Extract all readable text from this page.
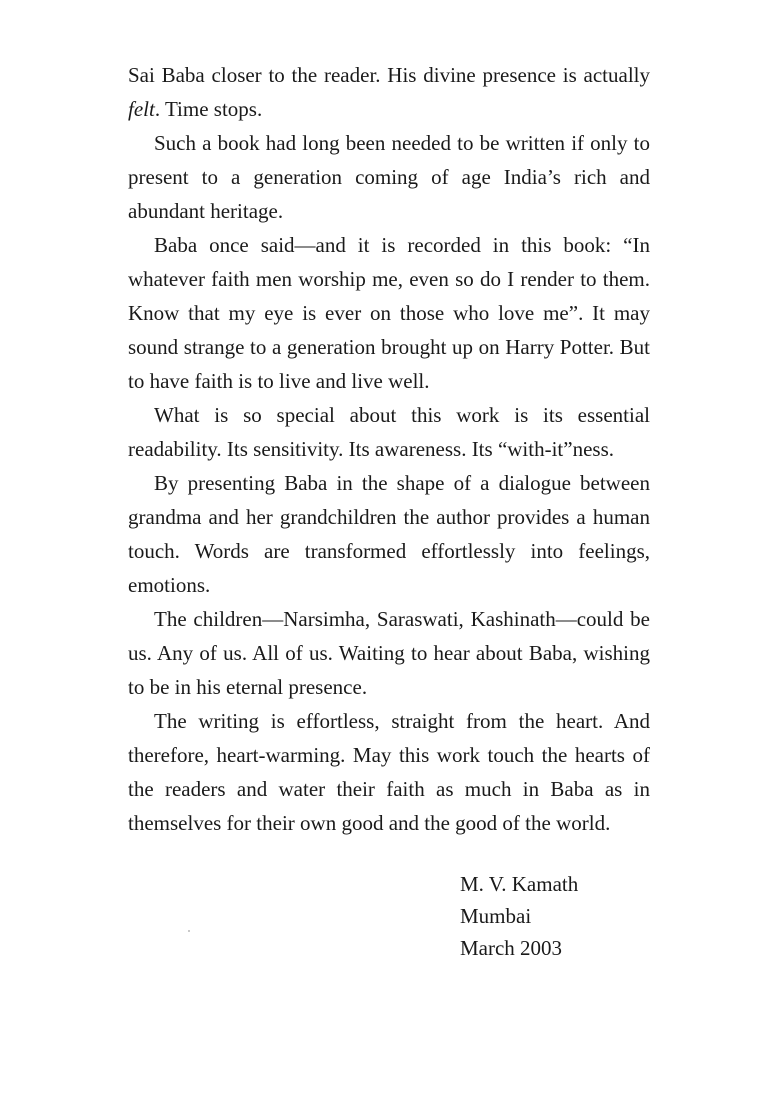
Sai Baba closer to the reader. His divine presence is actually felt. Time stops.

Such a book had long been needed to be written if only to present to a generation coming of age India’s rich and abundant heritage.

Baba once said—and it is recorded in this book: “In whatever faith men worship me, even so do I render to them. Know that my eye is ever on those who love me”. It may sound strange to a generation brought up on Harry Potter. But to have faith is to live and live well.

What is so special about this work is its essential readability. Its sensitivity. Its awareness. Its “with-it”ness.

By presenting Baba in the shape of a dialogue between grandma and her grandchildren the author provides a human touch. Words are transformed effortlessly into feelings, emotions.

The children—Narsimha, Saraswati, Kashinath—could be us. Any of us. All of us. Waiting to hear about Baba, wishing to be in his eternal presence.

The writing is effortless, straight from the heart. And therefore, heart-warming. May this work touch the hearts of the readers and water their faith as much in Baba as in themselves for their own good and the good of the world.

M. V. Kamath
Mumbai
March 2003
